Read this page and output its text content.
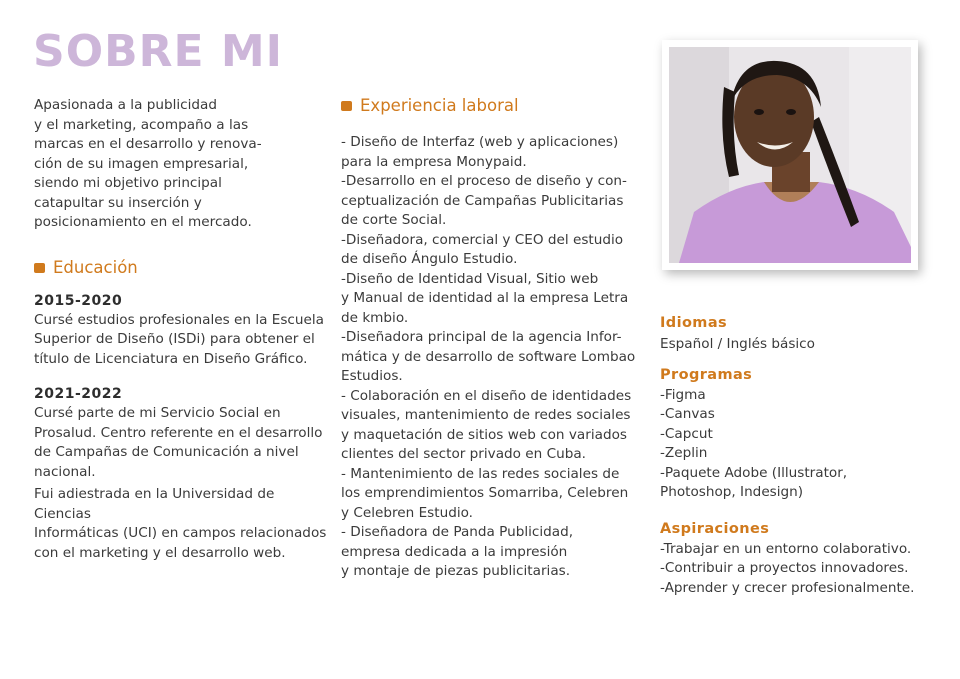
SOBRE MI

Apasionada a la publicidad
y el marketing, acompaño a las
marcas en el desarrollo y renova-
ción de su imagen empresarial,
siendo mi objetivo principal
catapultar su inserción y
posicionamiento en el mercado.

Educación
2015-2020

Cursé estudios profesionales en la Escuela
Superior de Diseño (ISDi) para obtener el
título de Licenciatura en Diseño Gráfico.

2021-2022

Cursé parte de mi Servicio Social en
Prosalud. Centro referente en el desarrollo
de Campañas de Comunicación a nivel
nacional.

Fui adiestrada en la Universidad de Ciencias
Informáticas (UCI) en campos relacionados
con el marketing y el desarrollo web.

Experiencia laboral

- Diseño de Interfaz (web y aplicaciones)
para la empresa Monypaid.
-Desarrollo en el proceso de diseño y con-
ceptualización de Campañas Publicitarias
de corte Social.
-Diseñadora, comercial y CEO del estudio
de diseño Ángulo Estudio.
-Diseño de Identidad Visual, Sitio web
y Manual de identidad al la empresa Letra
de kmbio.
-Diseñadora principal de la agencia Infor-
mática y de desarrollo de software Lombao
Estudios.
- Colaboración en el diseño de identidades
visuales, mantenimiento de redes sociales
y maquetación de sitios web con variados
clientes del sector privado en Cuba.
- Mantenimiento de las redes sociales de
los emprendimientos Somarriba, Celebren
y Celebren Estudio.
- Diseñadora de Panda Publicidad,
empresa dedicada a la impresión
y montaje de piezas publicitarias.

Idiomas

Español / Inglés básico

Programas

-Figma
-Canvas
-Capcut
-Zeplin
-Paquete Adobe (Illustrator,
Photoshop, Indesign)

Aspiraciones

-Trabajar en un entorno colaborativo.
-Contribuir a proyectos innovadores.
-Aprender y crecer profesionalmente.
